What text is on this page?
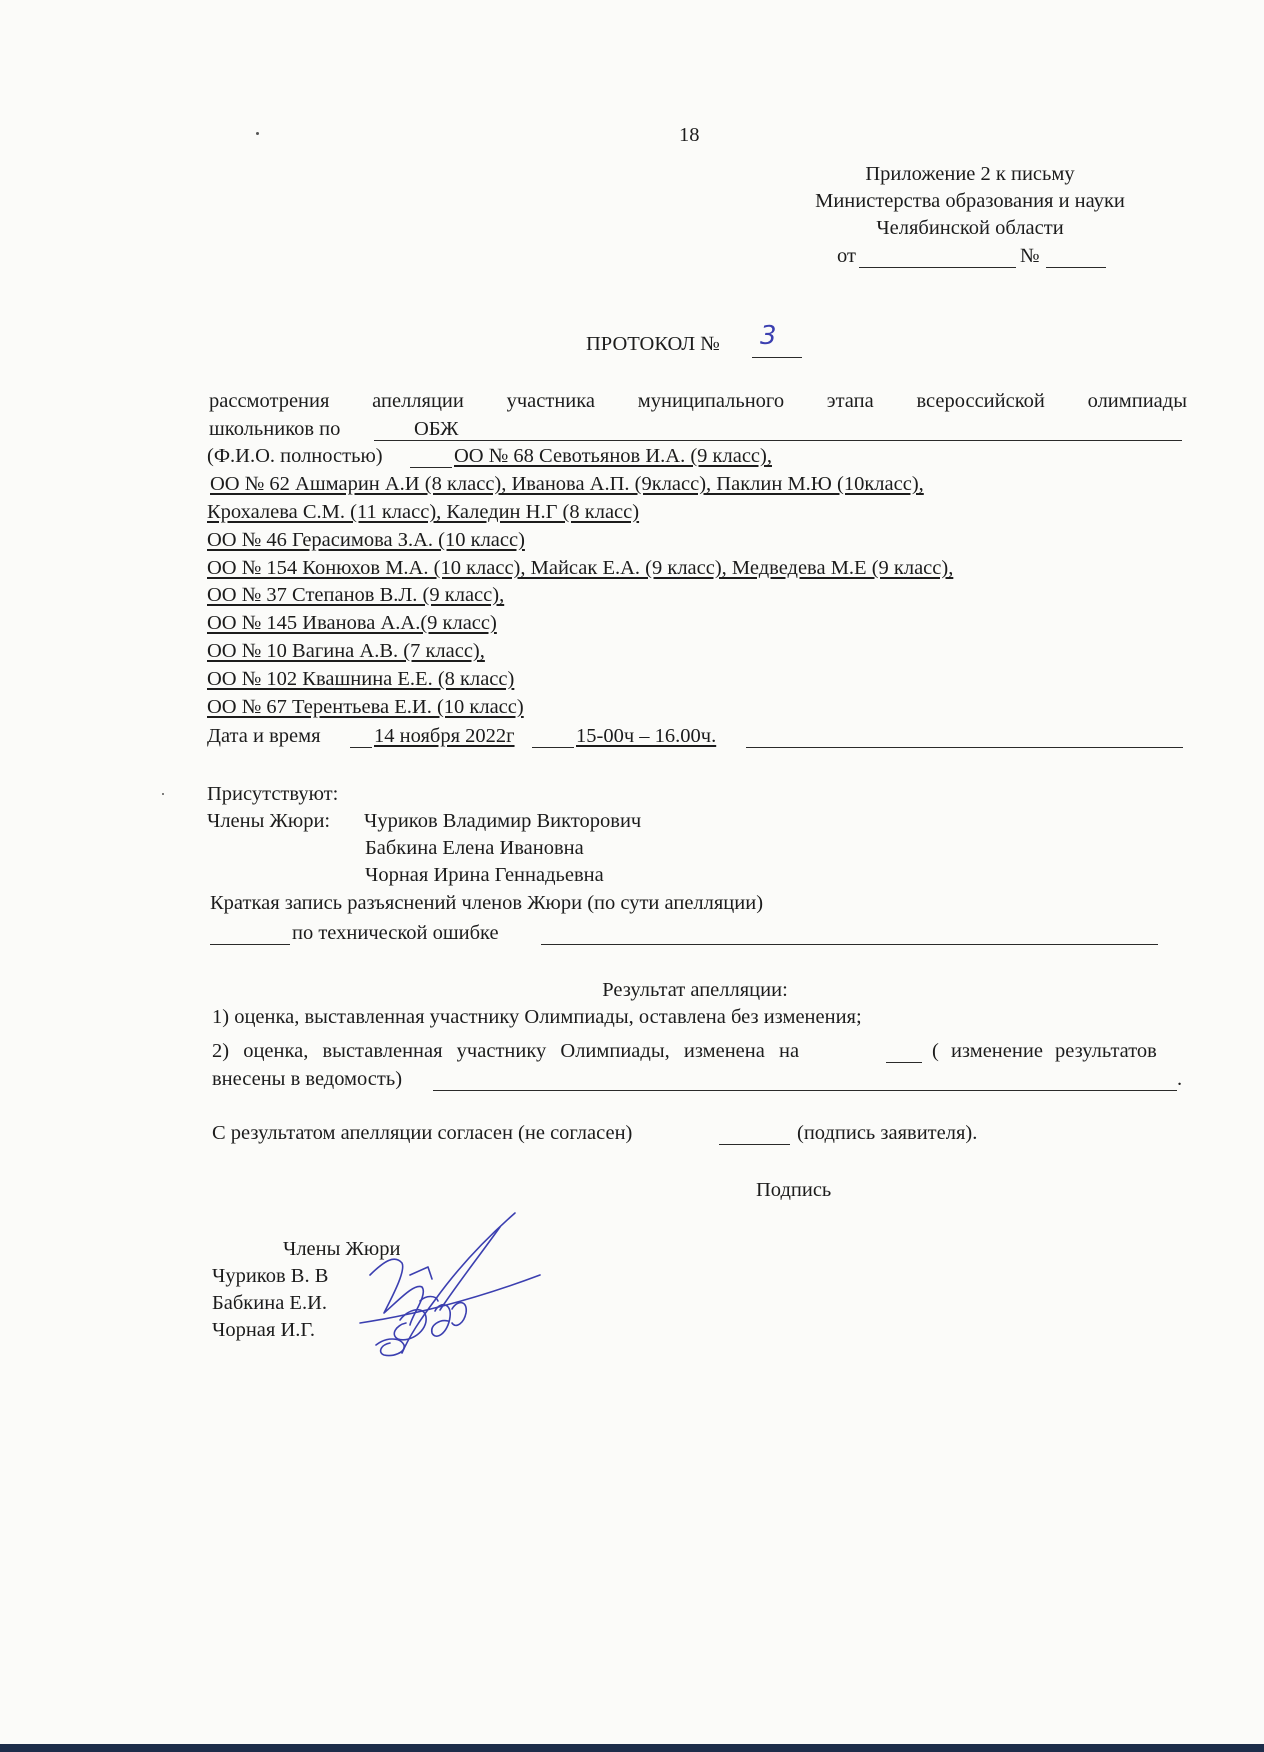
18
Приложение 2 к письму
Министерства образования и науки
Челябинской области
от	№
ПРОТОКОЛ № 3
рассмотрения апелляции участника муниципального этапа всероссийской олимпиады
школьников по	ОБЖ
(Ф.И.О. полностью)	ОО № 68 Севотьянов И.А. (9 класс),
ОО № 62 Ашмарин А.И (8 класс), Иванова А.П. (9класс), Паклин М.Ю (10класс),
Крохалева С.М. (11 класс), Каледин Н.Г (8 класс)
ОО № 46 Герасимова З.А. (10 класс)
ОО № 154 Конюхов М.А. (10 класс), Майсак Е.А. (9 класс), Медведева М.Е (9 класс),
ОО № 37 Степанов В.Л. (9 класс),
ОО № 145 Иванова А.А.(9 класс)
ОО № 10 Вагина А.В. (7 класс),
ОО № 102 Квашнина Е.Е. (8 класс)
ОО № 67 Терентьева Е.И. (10 класс)
Дата и время	14 ноября 2022г	15-00ч – 16.00ч.
Присутствуют:
Члены Жюри: Чуриков Владимир Викторович
Бабкина Елена Ивановна
Чорная Ирина Геннадьевна
Краткая запись разъяснений членов Жюри (по сути апелляции)
по технической ошибке
Результат апелляции:
1) оценка, выставленная участнику Олимпиады, оставлена без изменения;
2) оценка, выставленная участнику Олимпиады, изменена на	( изменение результатов
внесены в ведомость)	.
С результатом апелляции согласен (не согласен)	(подпись заявителя).
Подпись
Члены Жюри
Чуриков В. В
Бабкина Е.И.
Чорная И.Г.
